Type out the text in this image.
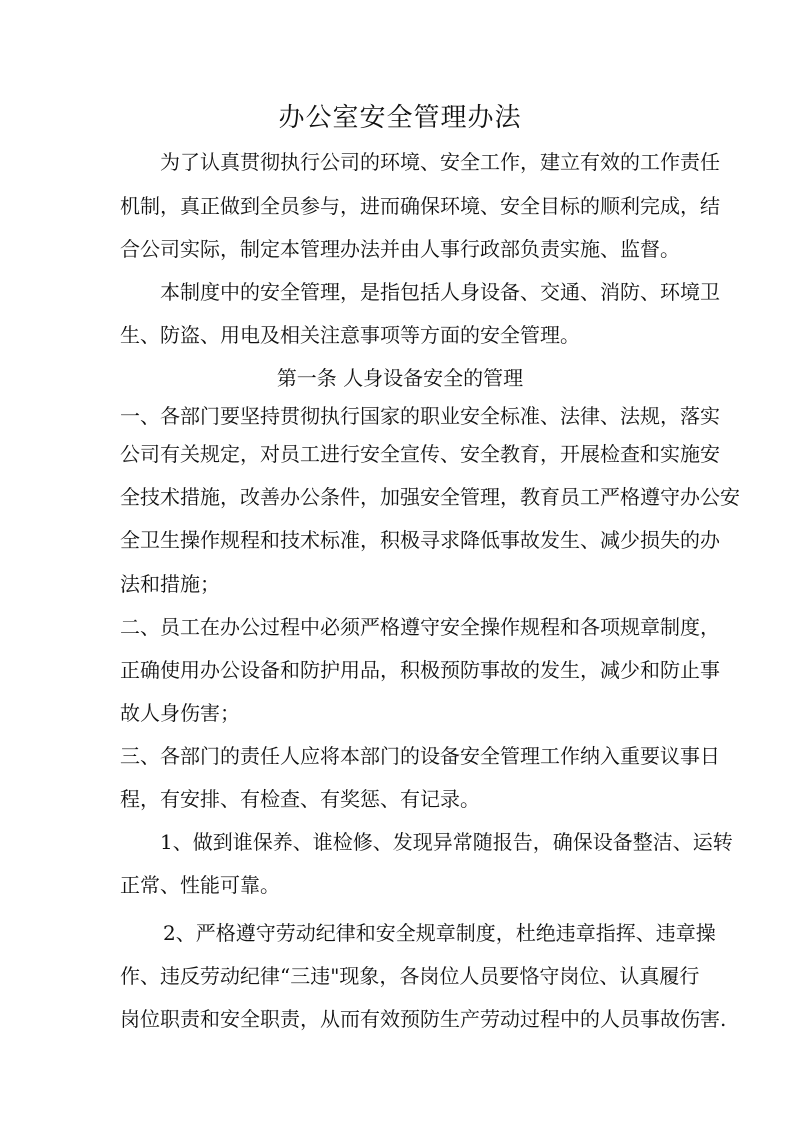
办公室安全管理办法
为了认真贯彻执行公司的环境、安全工作，建立有效的工作责任
机制，真正做到全员参与，进而确保环境、安全目标的顺利完成，结
合公司实际，制定本管理办法并由人事行政部负责实施、监督。
本制度中的安全管理，是指包括人身设备、交通、消防、环境卫
生、防盗、用电及相关注意事项等方面的安全管理。
第一条 人身设备安全的管理
一、各部门要坚持贯彻执行国家的职业安全标准、法律、法规，落实
公司有关规定，对员工进行安全宣传、安全教育，开展检查和实施安
全技术措施，改善办公条件，加强安全管理，教育员工严格遵守办公安
全卫生操作规程和技术标准，积极寻求降低事故发生、减少损失的办
法和措施；
二、员工在办公过程中必须严格遵守安全操作规程和各项规章制度，
正确使用办公设备和防护用品，积极预防事故的发生，减少和防止事
故人身伤害；
三、各部门的责任人应将本部门的设备安全管理工作纳入重要议事日
程，有安排、有检查、有奖惩、有记录。
1、做到谁保养、谁检修、发现异常随报告，确保设备整洁、运转
正常、性能可靠。
2、严格遵守劳动纪律和安全规章制度，杜绝违章指挥、违章操
作、违反劳动纪律“三违"现象，各岗位人员要恪守岗位、认真履行
岗位职责和安全职责，从而有效预防生产劳动过程中的人员事故伤害.
